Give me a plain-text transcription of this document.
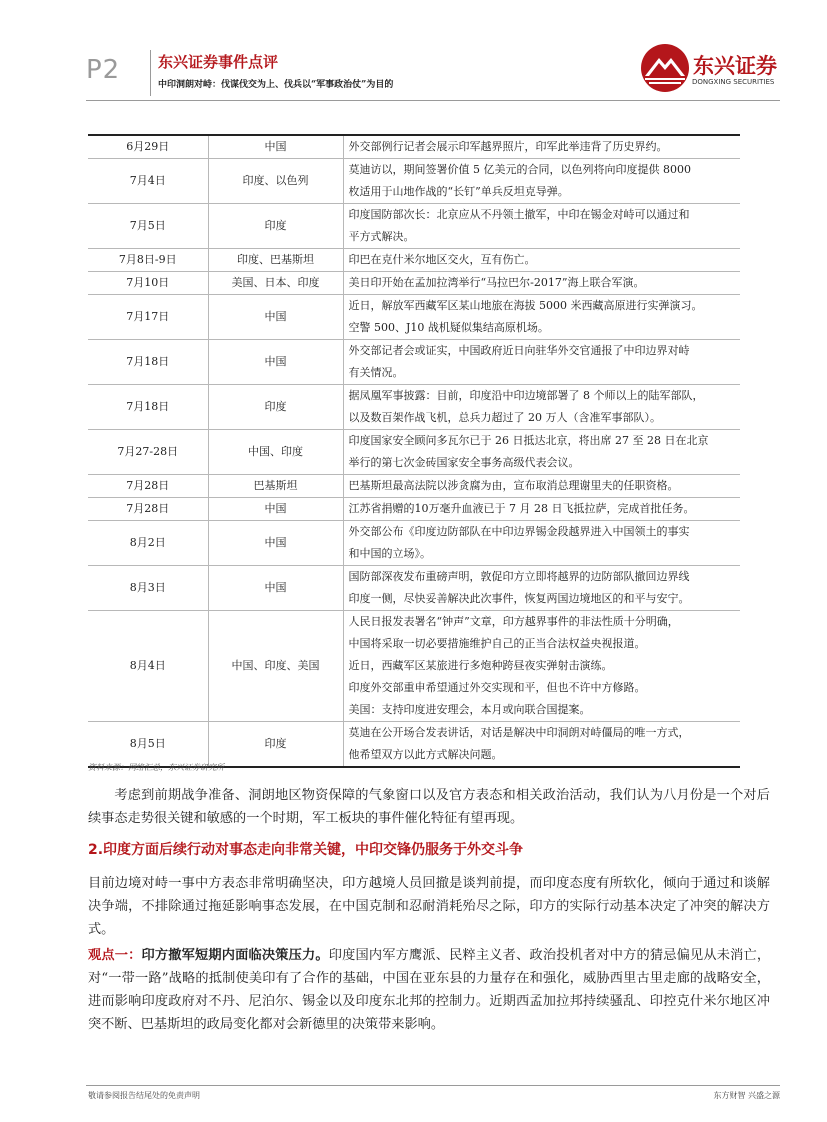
P2	东兴证券事件点评
中印洞朗对峙：伐谋伐交为上、伐兵以“军事政治仗”为目的
东兴证券
DONGXING SECURITIES
6月29日	中国	外交部例行记者会展示印军越界照片，印军此举违背了历史界约。

7月4日	印度、以色列	莫迪访以，期间签署价值 5 亿美元的合同，以色列将向印度提供 8000
枚适用于山地作战的“长钉”单兵反坦克导弹。

7月5日	印度	印度国防部次长：北京应从不丹领土撤军，中印在锡金对峙可以通过和
平方式解决。

7月8日-9日	印度、巴基斯坦	印巴在克什米尔地区交火，互有伤亡。

7月10日	美国、日本、印度	美日印开始在孟加拉湾举行“马拉巴尔-2017”海上联合军演。

7月17日	中国	近日，解放军西藏军区某山地旅在海拔 5000 米西藏高原进行实弹演习。
空警 500、J10 战机疑似集结高原机场。

7月18日	中国	外交部记者会或证实，中国政府近日向驻华外交官通报了中印边界对峙
有关情况。

7月18日	印度	据凤凰军事披露：目前，印度沿中印边境部署了 8 个师以上的陆军部队，
以及数百架作战飞机，总兵力超过了 20 万人（含准军事部队）。

7月27-28日	中国、印度	印度国家安全顾问多瓦尔已于 26 日抵达北京，将出席 27 至 28 日在北京
举行的第七次金砖国家安全事务高级代表会议。

7月28日	巴基斯坦	巴基斯坦最高法院以涉贪腐为由，宣布取消总理谢里夫的任职资格。

7月28日	中国	江苏省捐赠的10万毫升血液已于 7 月 28 日飞抵拉萨，完成首批任务。

8月2日	中国	外交部公布《印度边防部队在中印边界锡金段越界进入中国领土的事实
和中国的立场》。

8月3日	中国	国防部深夜发布重磅声明，敦促印方立即将越界的边防部队撤回边界线
印度一侧，尽快妥善解决此次事件，恢复两国边境地区的和平与安宁。

8月4日	中国、印度、美国	人民日报发表署名“钟声”文章，印方越界事件的非法性质十分明确，
中国将采取一切必要措施维护自己的正当合法权益央视报道。
近日，西藏军区某旅进行多炮种跨昼夜实弹射击演练。
印度外交部重申希望通过外交实现和平，但也不许中方修路。
美国：支持印度进安理会，本月或向联合国提案。

8月5日	印度	莫迪在公开场合发表讲话，对话是解决中印洞朗对峙僵局的唯一方式，
他希望双方以此方式解决问题。
资料来源：网络汇总，东兴证券研究所

考虑到前期战争准备、洞朗地区物资保障的气象窗口以及官方表态和相关政治活动，我们认为八月份是一个对后续事态走势很关键和敏感的一个时期，军工板块的事件催化特征有望再现。

2.印度方面后续行动对事态走向非常关键，中印交锋仍服务于外交斗争

目前边境对峙一事中方表态非常明确坚决，印方越境人员回撤是谈判前提，而印度态度有所软化，倾向于通过和谈解决争端，不排除通过拖延影响事态发展，在中国克制和忍耐消耗殆尽之际，印方的实际行动基本决定了冲突的解决方式。

观点一：印方撤军短期内面临决策压力。印度国内军方鹰派、民粹主义者、政治投机者对中方的猜忌偏见从未消亡，对“一带一路”战略的抵制使美印有了合作的基础，中国在亚东县的力量存在和强化，威胁西里古里走廊的战略安全，进而影响印度政府对不丹、尼泊尔、锡金以及印度东北邦的控制力。近期西孟加拉邦持续骚乱、印控克什米尔地区冲突不断、巴基斯坦的政局变化都对会新德里的决策带来影响。

敬请参阅报告结尾处的免责声明	东方财智 兴盛之源
